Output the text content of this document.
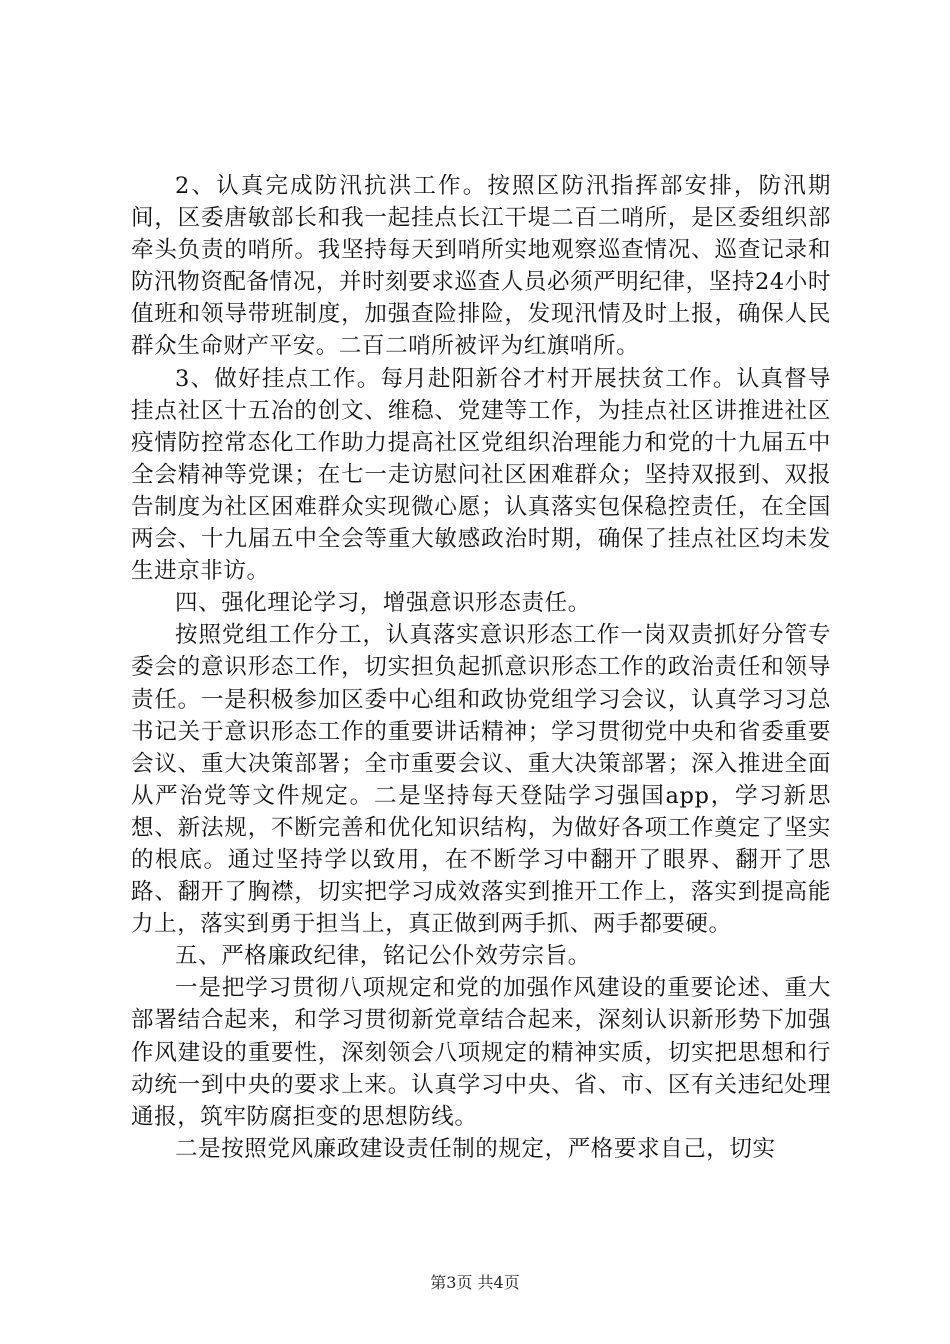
2、认真完成防汛抗洪工作。按照区防汛指挥部安排，防汛期间，区委唐敏部长和我一起挂点长江干堤二百二哨所，是区委组织部牵头负责的哨所。我坚持每天到哨所实地观察巡查情况、巡查记录和防汛物资配备情况，并时刻要求巡查人员必须严明纪律，坚持24小时值班和领导带班制度，加强查险排险，发现汛情及时上报，确保人民群众生命财产平安。二百二哨所被评为红旗哨所。

3、做好挂点工作。每月赴阳新谷才村开展扶贫工作。认真督导挂点社区十五冶的创文、维稳、党建等工作，为挂点社区讲推进社区疫情防控常态化工作助力提高社区党组织治理能力和党的十九届五中全会精神等党课；在七一走访慰问社区困难群众；坚持双报到、双报告制度为社区困难群众实现微心愿；认真落实包保稳控责任，在全国两会、十九届五中全会等重大敏感政治时期，确保了挂点社区均未发生进京非访。

四、强化理论学习，增强意识形态责任。

按照党组工作分工，认真落实意识形态工作一岗双责抓好分管专委会的意识形态工作，切实担负起抓意识形态工作的政治责任和领导责任。一是积极参加区委中心组和政协党组学习会议，认真学习习总书记关于意识形态工作的重要讲话精神；学习贯彻党中央和省委重要会议、重大决策部署；全市重要会议、重大决策部署；深入推进全面从严治党等文件规定。二是坚持每天登陆学习强国app，学习新思想、新法规，不断完善和优化知识结构，为做好各项工作奠定了坚实的根底。通过坚持学以致用，在不断学习中翻开了眼界、翻开了思路、翻开了胸襟，切实把学习成效落实到推开工作上，落实到提高能力上，落实到勇于担当上，真正做到两手抓、两手都要硬。

五、严格廉政纪律，铭记公仆效劳宗旨。

一是把学习贯彻八项规定和党的加强作风建设的重要论述、重大部署结合起来，和学习贯彻新党章结合起来，深刻认识新形势下加强作风建设的重要性，深刻领会八项规定的精神实质，切实把思想和行动统一到中央的要求上来。认真学习中央、省、市、区有关违纪处理通报，筑牢防腐拒变的思想防线。

二是按照党风廉政建设责任制的规定，严格要求自己，切实

第3页 共4页
